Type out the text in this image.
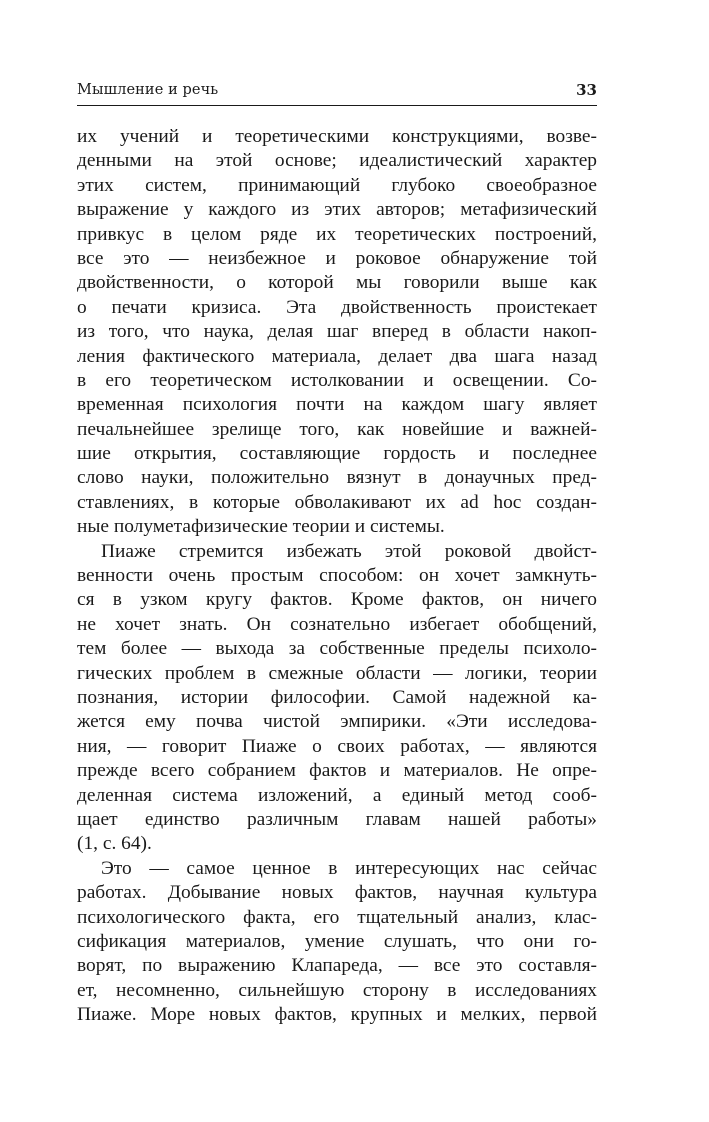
Мышление и речь	33
их учений и теоретическими конструкциями, возве-
денными на этой основе; идеалистический характер
этих систем, принимающий глубоко своеобразное
выражение у каждого из этих авторов; метафизический
привкус в целом ряде их теоретических построений,
все это — неизбежное и роковое обнаружение той
двойственности, о которой мы говорили выше как
о печати кризиса. Эта двойственность проистекает
из того, что наука, делая шаг вперед в области накоп-
ления фактического материала, делает два шага назад
в его теоретическом истолковании и освещении. Со-
временная психология почти на каждом шагу являет
печальнейшее зрелище того, как новейшие и важней-
шие открытия, составляющие гордость и последнее
слово науки, положительно вязнут в донаучных пред-
ставлениях, в которые обволакивают их ad hoc создан-
ные полуметафизические теории и системы.
Пиаже стремится избежать этой роковой двойст-
венности очень простым способом: он хочет замкнуть-
ся в узком кругу фактов. Кроме фактов, он ничего
не хочет знать. Он сознательно избегает обобщений,
тем более — выхода за собственные пределы психоло-
гических проблем в смежные области — логики, теории
познания, истории философии. Самой надежной ка-
жется ему почва чистой эмпирики. «Эти исследова-
ния, — говорит Пиаже о своих работах, — являются
прежде всего собранием фактов и материалов. Не опре-
деленная система изложений, а единый метод сооб-
щает единство различным главам нашей работы»
(1, с. 64).
Это — самое ценное в интересующих нас сейчас
работах. Добывание новых фактов, научная культура
психологического факта, его тщательный анализ, клас-
сификация материалов, умение слушать, что они го-
ворят, по выражению Клапареда, — все это составля-
ет, несомненно, сильнейшую сторону в исследованиях
Пиаже. Море новых фактов, крупных и мелких, первой
